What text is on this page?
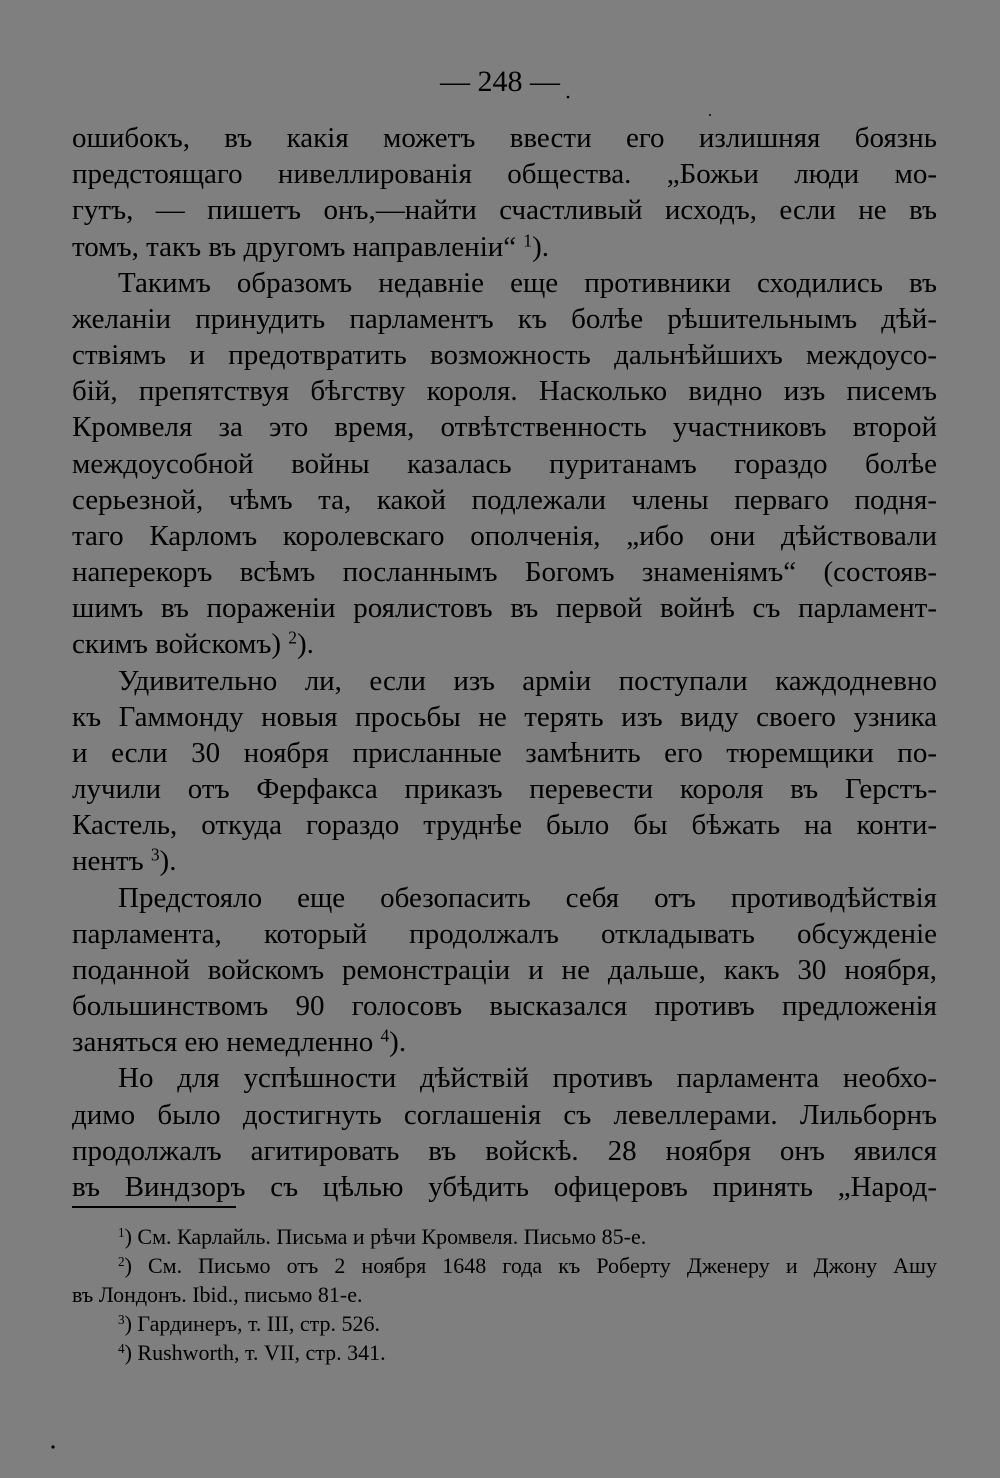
— 248 —
ошибокъ, въ какія можетъ ввести его излишняя боязнь
предстоящаго нивеллированія общества. „Божьи люди мо-
гутъ, — пишетъ онъ,—найти счастливый исходъ, если не въ
томъ, такъ въ другомъ направленіи“ $^1$).
Такимъ образомъ недавніе еще противники сходились въ
желаніи принудить парламентъ къ болѣе рѣшительнымъ дѣй-
ствіямъ и предотвратить возможность дальнѣйшихъ междоусо-
бій, препятствуя бѣгству короля. Насколько видно изъ писемъ
Кромвеля за это время, отвѣтственность участниковъ второй
междоусобной войны казалась пуританамъ гораздо болѣе
серьезной, чѣмъ та, какой подлежали члены перваго подня-
таго Карломъ королевскаго ополченія, „ибо они дѣйствовали
наперекоръ всѣмъ посланнымъ Богомъ знаменіямъ“ (состояв-
шимъ въ пораженіи роялистовъ въ первой войнѣ съ парламент-
скимъ войскомъ) $^2$).
Удивительно ли, если изъ арміи поступали каждодневно
къ Гаммонду новыя просьбы не терять изъ виду своего узника
и если 30 ноября присланные замѣнить его тюремщики по-
лучили отъ Ферфакса приказъ перевести короля въ Герстъ-
Кастель, откуда гораздо труднѣе было бы бѣжать на конти-
нентъ $^3$).
Предстояло еще обезопасить себя отъ противодѣйствія
парламента, который продолжалъ откладывать обсужденіе
поданной войскомъ ремонстраціи и не дальше, какъ 30 ноября,
большинствомъ 90 голосовъ высказался противъ предложенія
заняться ею немедленно $^4$).
Но для успѣшности дѣйствій противъ парламента необхо-
димо было достигнуть соглашенія съ левеллерами. Лильборнъ
продолжалъ агитировать въ войскѣ. 28 ноября онъ явился
въ Виндзоръ съ цѣлью убѣдить офицеровъ принять „Народ-
$^1$) См. Карлайль. Письма и рѣчи Кромвеля. Письмо 85-е.
$^2$) См. Письмо отъ 2 ноября 1648 года къ Роберту Дженеру и Джону Ашу
въ Лондонъ. Ibid., письмо 81-е.
$^3$) Гардинеръ, т. III, стр. 526.
$^4$) Rushworth, т. VII, стр. 341.
